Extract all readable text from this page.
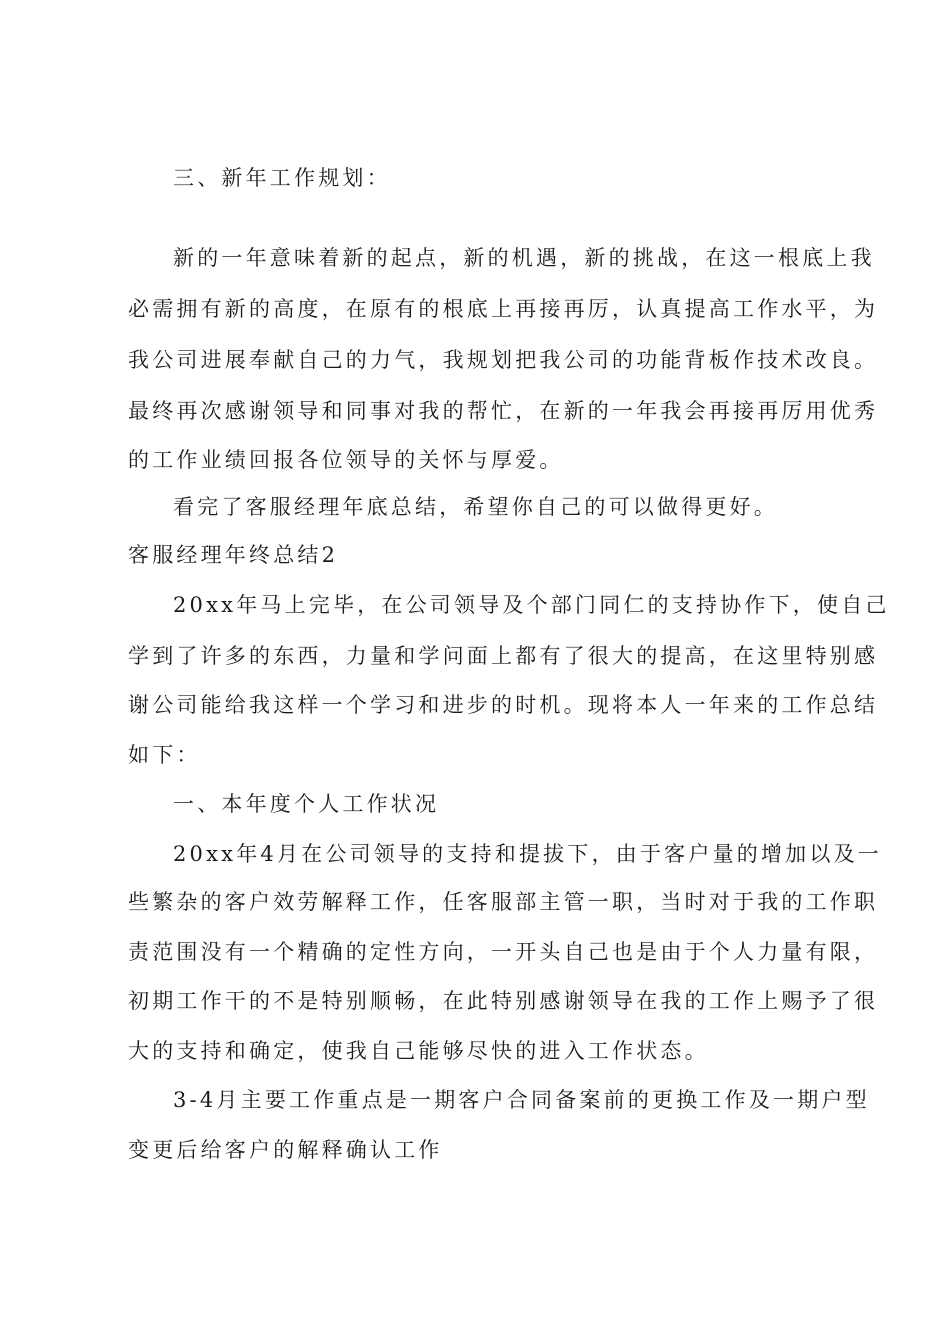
三、新年工作规划：
新的一年意味着新的起点，新的机遇，新的挑战，在这一根底上我
必需拥有新的高度，在原有的根底上再接再厉，认真提高工作水平，为
我公司进展奉献自己的力气，我规划把我公司的功能背板作技术改良。
最终再次感谢领导和同事对我的帮忙，在新的一年我会再接再厉用优秀
的工作业绩回报各位领导的关怀与厚爱。
看完了客服经理年底总结，希望你自己的可以做得更好。
客服经理年终总结2
20xx年马上完毕，在公司领导及个部门同仁的支持协作下，使自己
学到了许多的东西，力量和学问面上都有了很大的提高，在这里特别感
谢公司能给我这样一个学习和进步的时机。现将本人一年来的工作总结
如下：
一、本年度个人工作状况
20xx年4月在公司领导的支持和提拔下，由于客户量的增加以及一
些繁杂的客户效劳解释工作，任客服部主管一职，当时对于我的工作职
责范围没有一个精确的定性方向，一开头自己也是由于个人力量有限，
初期工作干的不是特别顺畅，在此特别感谢领导在我的工作上赐予了很
大的支持和确定，使我自己能够尽快的进入工作状态。
3-4月主要工作重点是一期客户合同备案前的更换工作及一期户型
变更后给客户的解释确认工作
